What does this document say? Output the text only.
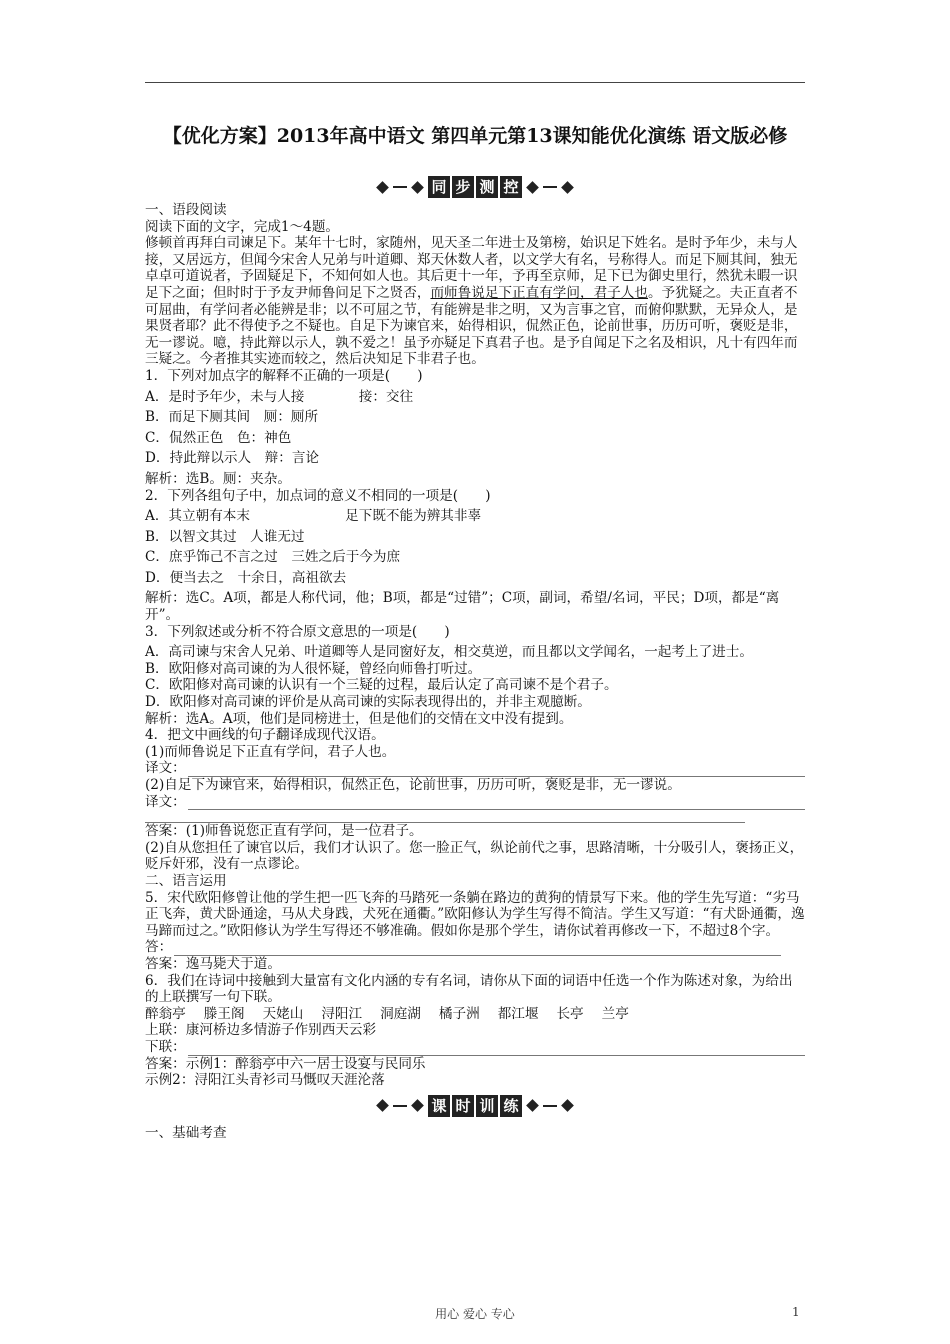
【优化方案】2013年高中语文 第四单元第13课知能优化演练 语文版必修
同 步 测 控

一、语段阅读

阅读下面的文字，完成1～4题。

修顿首再拜白司谏足下。某年十七时，家随州，见天圣二年进士及第榜，始识足下姓名。是时予年少，未与人接，又居远方，但闻今宋舍人兄弟与叶道卿、郑天休数人者，以文学大有名，号称得人。而足下厕其间，独无卓卓可道说者，予固疑足下，不知何如人也。其后更十一年，予再至京师，足下已为御史里行，然犹未暇一识足下之面；但时时于予友尹师鲁问足下之贤否，而师鲁说足下正直有学问，君子人也。予犹疑之。夫正直者不可屈曲，有学问者必能辨是非；以不可屈之节，有能辨是非之明，又为言事之官，而俯仰默默，无异众人，是果贤者耶？此不得使予之不疑也。自足下为谏官来，始得相识，侃然正色，论前世事，历历可听，褒贬是非，无一谬说。噫，持此辩以示人，孰不爱之！虽予亦疑足下真君子也。是予自闻足下之名及相识，凡十有四年而三疑之。今者推其实迹而较之，然后决知足下非君子也。

1．下列对加点字的解释不正确的一项是(　　)

A．是时予年少，未与人接　　　　接：交往

B．而足下厕其间　厕：厕所

C．侃然正色　色：神色

D．持此辩以示人　辩：言论

解析：选B。厕：夹杂。

2．下列各组句子中，加点词的意义不相同的一项是(　　)

A．其立朝有本末　　　　　　　足下既不能为辨其非辜

B．以智文其过　人谁无过

C．庶乎饰己不言之过　三姓之后于今为庶

D．便当去之　十余日，高祖欲去

解析：选C。A项，都是人称代词，他；B项，都是“过错”；C项，副词，希望/名词，平民；D项，都是“离开”。

3．下列叙述或分析不符合原文意思的一项是(　　)

A．高司谏与宋舍人兄弟、叶道卿等人是同窗好友，相交莫逆，而且都以文学闻名，一起考上了进士。

B．欧阳修对高司谏的为人很怀疑，曾经向师鲁打听过。

C．欧阳修对高司谏的认识有一个三疑的过程，最后认定了高司谏不是个君子。

D．欧阳修对高司谏的评价是从高司谏的实际表现得出的，并非主观臆断。

解析：选A。A项，他们是同榜进士，但是他们的交情在文中没有提到。

4．把文中画线的句子翻译成现代汉语。

(1)而师鲁说足下正直有学问，君子人也。

译文：

(2)自足下为谏官来，始得相识，侃然正色，论前世事，历历可听，褒贬是非，无一谬说。

译文：

答案：(1)师鲁说您正直有学问，是一位君子。

(2)自从您担任了谏官以后，我们才认识了。您一脸正气，纵论前代之事，思路清晰，十分吸引人，褒扬正义，贬斥奸邪，没有一点谬论。

二、语言运用

5．宋代欧阳修曾让他的学生把一匹飞奔的马踏死一条躺在路边的黄狗的情景写下来。他的学生先写道：“劣马正飞奔，黄犬卧通途，马从犬身践，犬死在通衢。”欧阳修认为学生写得不简洁。学生又写道：“有犬卧通衢，逸马蹄而过之。”欧阳修认为学生写得还不够准确。假如你是那个学生，请你试着再修改一下，不超过8个字。

答：

答案：逸马毙犬于道。

6．我们在诗词中接触到大量富有文化内涵的专有名词，请你从下面的词语中任选一个作为陈述对象，为给出的上联撰写一句下联。

醉翁亭 滕王阁 天姥山 浔阳江 洞庭湖 橘子洲 都江堰 长亭 兰亭

上联：康河桥边多情游子作别西天云彩

下联：

答案：示例1：醉翁亭中六一居士设宴与民同乐

示例2：浔阳江头青衫司马慨叹天涯沦落

课 时 训 练

一、基础考查

用心 爱心 专心	1
